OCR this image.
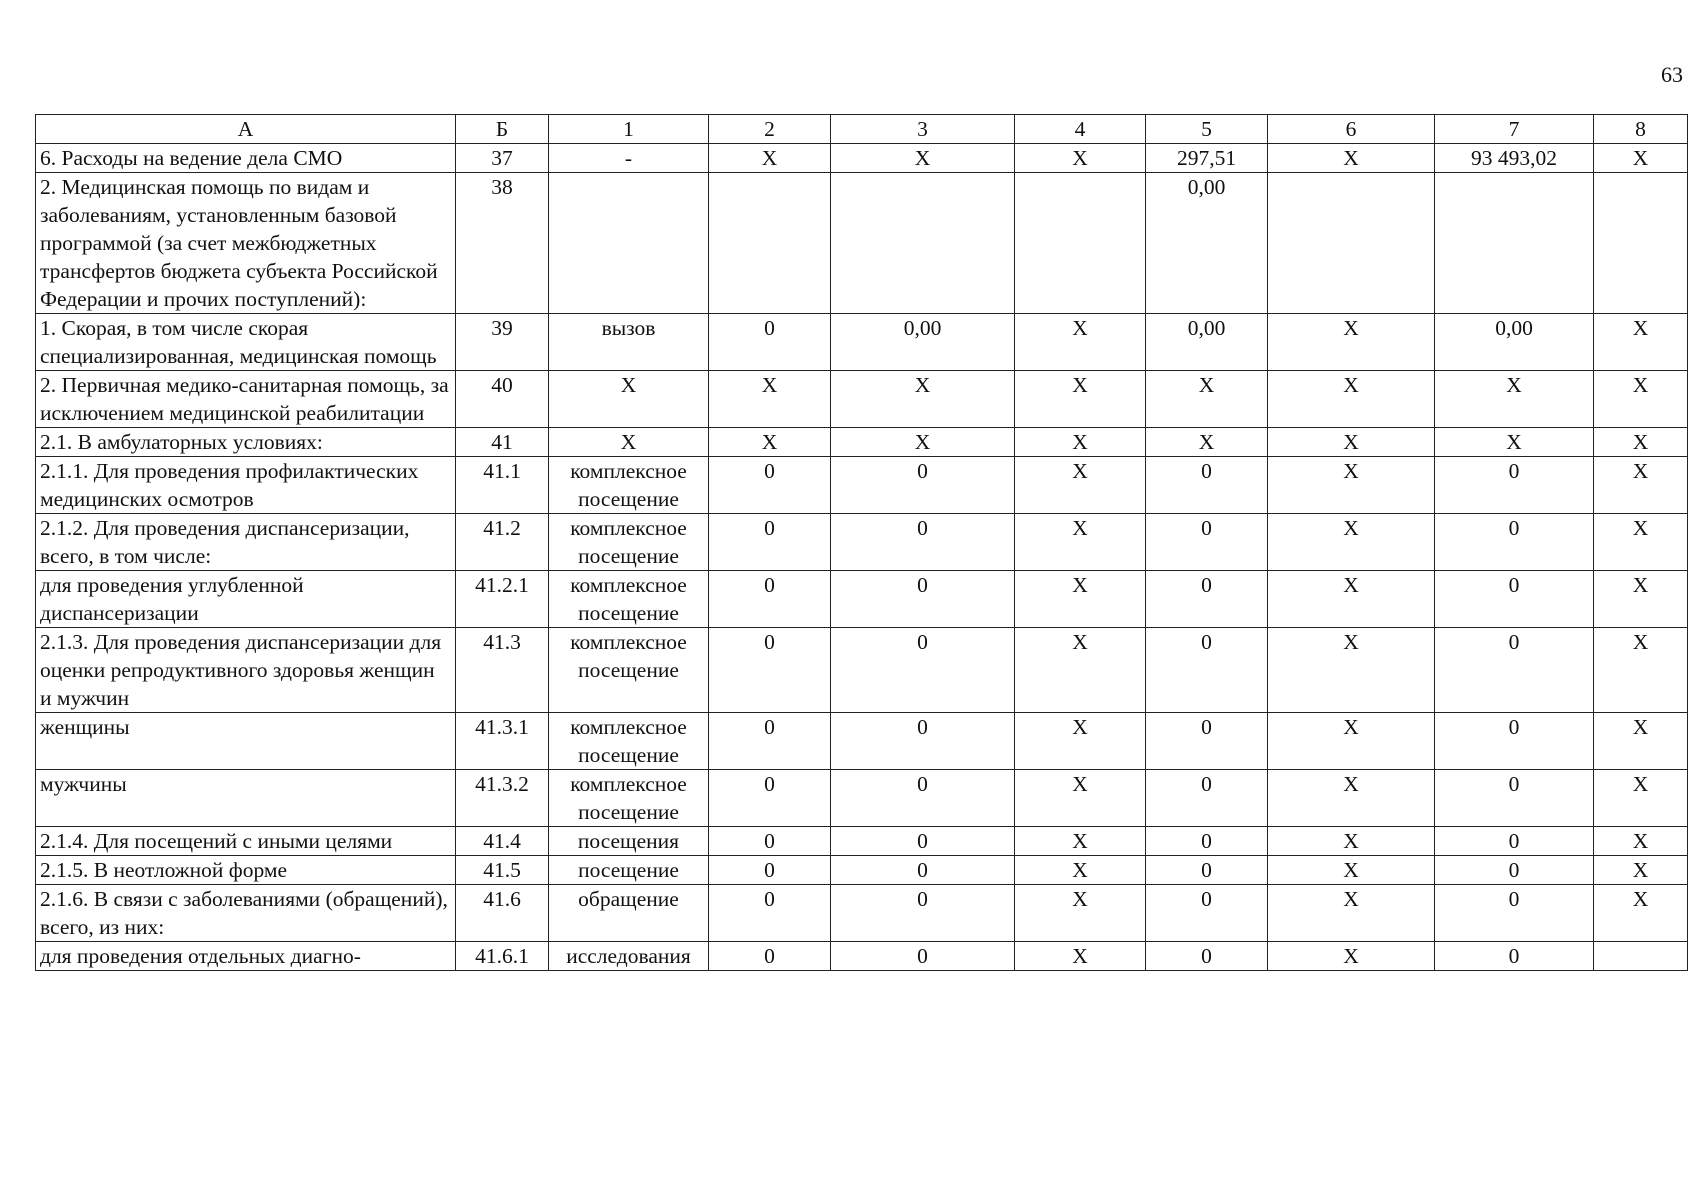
63
А	Б	1	2	3	4	5	6	7	8
6. Расходы на ведение дела СМО	37	-	X	X	X	297,51	X	93 493,02	X
2. Медицинская помощь по видам и заболеваниям, установленным базовой программой (за счет межбюджетных трансфертов бюджета субъекта Российской Федерации и прочих поступлений):	38					0,00			
1. Скорая, в том числе скорая специализированная, медицинская помощь	39	вызов	0	0,00	X	0,00	X	0,00	X
2. Первичная медико-санитарная помощь, за исключением медицинской реабилитации	40	X	X	X	X	X	X	X	X
2.1. В амбулаторных условиях:	41	X	X	X	X	X	X	X	X
2.1.1. Для проведения профилактических медицинских осмотров	41.1	комплексное посещение	0	0	X	0	X	0	X
2.1.2. Для проведения диспансеризации, всего, в том числе:	41.2	комплексное посещение	0	0	X	0	X	0	X
для проведения углубленной диспансеризации	41.2.1	комплексное посещение	0	0	X	0	X	0	X
2.1.3. Для проведения диспансеризации для оценки репродуктивного здоровья женщин и мужчин	41.3	комплексное посещение	0	0	X	0	X	0	X
женщины	41.3.1	комплексное посещение	0	0	X	0	X	0	X
мужчины	41.3.2	комплексное посещение	0	0	X	0	X	0	X
2.1.4. Для посещений с иными целями	41.4	посещения	0	0	X	0	X	0	X
2.1.5. В неотложной форме	41.5	посещение	0	0	X	0	X	0	X
2.1.6. В связи с заболеваниями (обращений), всего, из них:	41.6	обращение	0	0	X	0	X	0	X
для проведения отдельных диагно-	41.6.1	исследования	0	0	X	0	X	0	
